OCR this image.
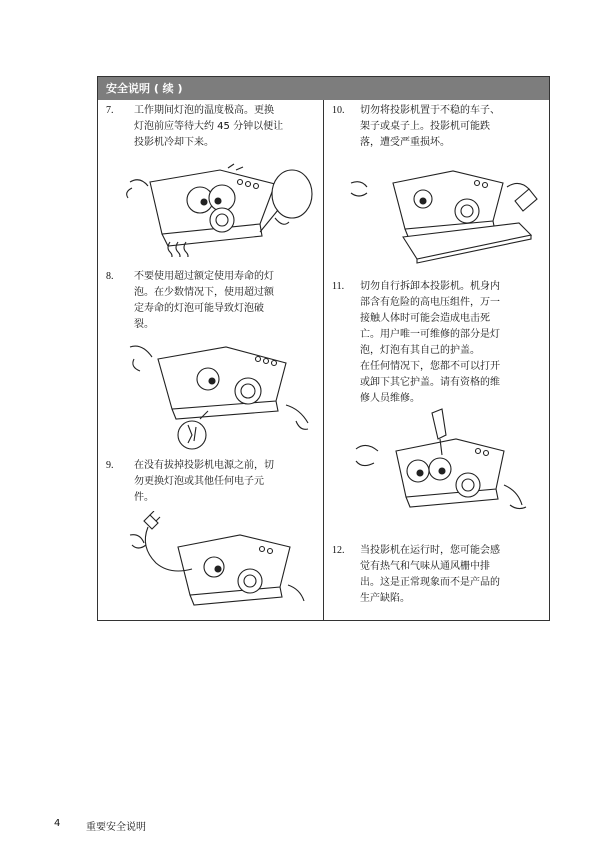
安全说明 ( 续 )
7. 工作期间灯泡的温度极高。更换
灯泡前应等待大约 45 分钟以便让
投影机冷却下来。
8. 不要使用超过额定使用寿命的灯
泡。在少数情况下，使用超过额
定寿命的灯泡可能导致灯泡破
裂。
9. 在没有拔掉投影机电源之前，切
勿更换灯泡或其他任何电子元
件。
10. 切勿将投影机置于不稳的车子、
架子或桌子上。投影机可能跌
落，遭受严重损坏。
11. 切勿自行拆卸本投影机。机身内
部含有危险的高电压组件，万一
接触人体时可能会造成电击死
亡。用户唯一可维修的部分是灯
泡，灯泡有其自己的护盖。
在任何情况下，您都不可以打开
或卸下其它护盖。请有资格的维
修人员维修。
12. 当投影机在运行时，您可能会感
觉有热气和气味从通风栅中排
出。这是正常现象而不是产品的
生产缺陷。
4	重要安全说明
